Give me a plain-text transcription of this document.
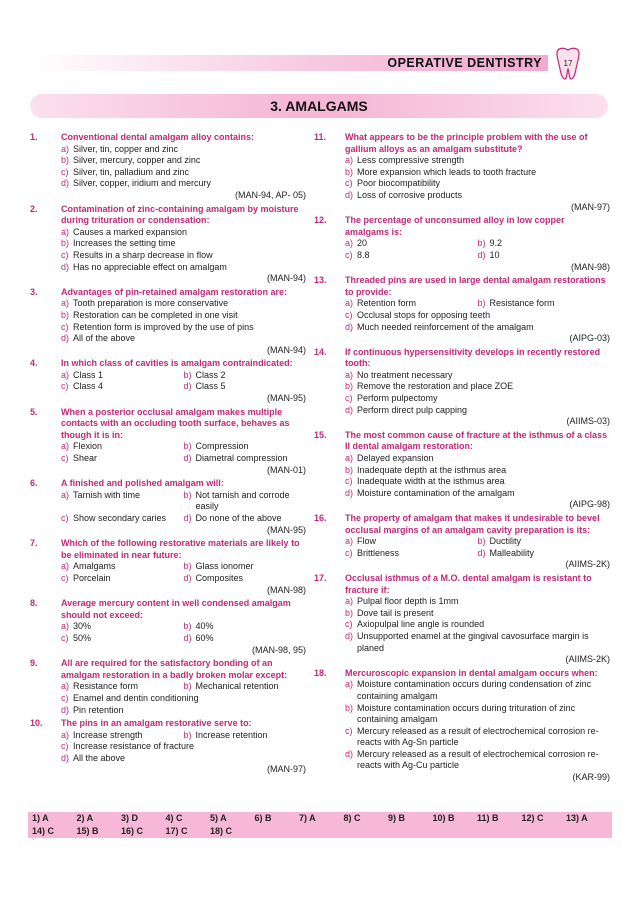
OPERATIVE DENTISTRY	17
3. AMALGAMS
1.	Conventional dental amalgam alloy contains:
a) Silver, tin, copper and zinc
b) Silver, mercury, copper and zinc
c) Silver, tin, palladium and zinc
d) Silver, copper, iridium and mercury
(MAN-94, AP- 05)
2.	Contamination of zinc-containing amalgam by moisture during trituration or condensation:
a) Causes a marked expansion
b) Increases the setting time
c) Results in a sharp decrease in flow
d) Has no appreciable effect on amalgam
(MAN-94)
3.	Advantages of pin-retained amalgam restoration are:
a) Tooth preparation is more conservative
b) Restoration can be completed in one visit
c) Retention form is improved by the use of pins
d) All of the above
(MAN-94)
4.	In which class of cavities is amalgam contraindicated:
a) Class 1	b) Class 2
c) Class 4	d) Class 5
(MAN-95)
5.	When a posterior occlusal amalgam makes multiple contacts with an occluding tooth surface, behaves as though it is in:
a) Flexion	b) Compression
c) Shear	d) Diametral compression
(MAN-01)
6.	A finished and polished amalgam will:
a) Tarnish with time	b) Not tarnish and corrode easily
c) Show secondary caries d) Do none of the above
(MAN-95)
7.	Which of the following restorative materials are likely to be eliminated in near future:
a) Amalgams	b) Glass ionomer
c) Porcelain	d) Composites
(MAN-98)
8.	Average mercury content in well condensed amalgam should not exceed:
a) 30%	b) 40%
c) 50%	d) 60%
(MAN-98, 95)
9.	All are required for the satisfactory bonding of an amalgam restoration in a badly broken molar except:
a) Resistance form	b) Mechanical retention
c) Enamel and dentin conditioning
d) Pin retention
10. The pins in an amalgam restorative serve to:
a) Increase strength	b) Increase retention
c) Increase resistance of fracture
d) All the above
(MAN-97)
11. What appears to be the principle problem with the use of gallium alloys as an amalgam substitute?
a) Less compressive strength
b) More expansion which leads to tooth fracture
c) Poor biocompatibility
d) Loss of corrosive products
(MAN-97)
12. The percentage of unconsumed alloy in low copper amalgams is:
a) 20	b) 9.2
c) 8.8	d) 10
(MAN-98)
13. Threaded pins are used in large dental amalgam restorations to provide:
a) Retention form	b) Resistance form
c) Occlusal stops for opposing teeth
d) Much needed reinforcement of the amalgam
(AIPG-03)
14. If continuous hypersensitivity develops in recently restored tooth:
a) No treatment necessary
b) Remove the restoration and place ZOE
c) Perform pulpectomy
d) Perform direct pulp capping
(AIIMS-03)
15. The most common cause of fracture at the isthmus of a class II dental amalgam restoration:
a) Delayed expansion
b) Inadequate depth at the isthmus area
c) Inadequate width at the isthmus area
d) Moisture contamination of the amalgam
(AIPG-98)
16. The property of amalgam that makes it undesirable to bevel occlusal margins of an amalgam cavity preparation is its:
a) Flow	b) Ductility
c) Brittleness	d) Malleability
(AIIMS-2K)
17. Occlusal isthmus of a M.O. dental amalgam is resistant to fracture if:
a) Pulpal floor depth is 1mm
b) Dove tail is present
c) Axiopulpal line angle is rounded
d) Unsupported enamel at the gingival cavosurface margin is planed
(AIIMS-2K)
18. Mercuroscopic expansion in dental amalgam occurs when:
a) Moisture contamination occurs during condensation of zinc containing amalgam
b) Moisture contamination occurs during trituration of zinc containing amalgam
c) Mercury released as a result of electrochemical corrosion re-reacts with Ag-Sn particle
d) Mercury released as a result of electrochemical corrosion re-reacts with Ag-Cu particle
(KAR-99)
1) A	2) A	3) D	4) C	5) A	6) B	7) A	8) C	9) B	10) B 11) B	12) C 13) A
14) C 15) B 16) C 17) C 18) C
